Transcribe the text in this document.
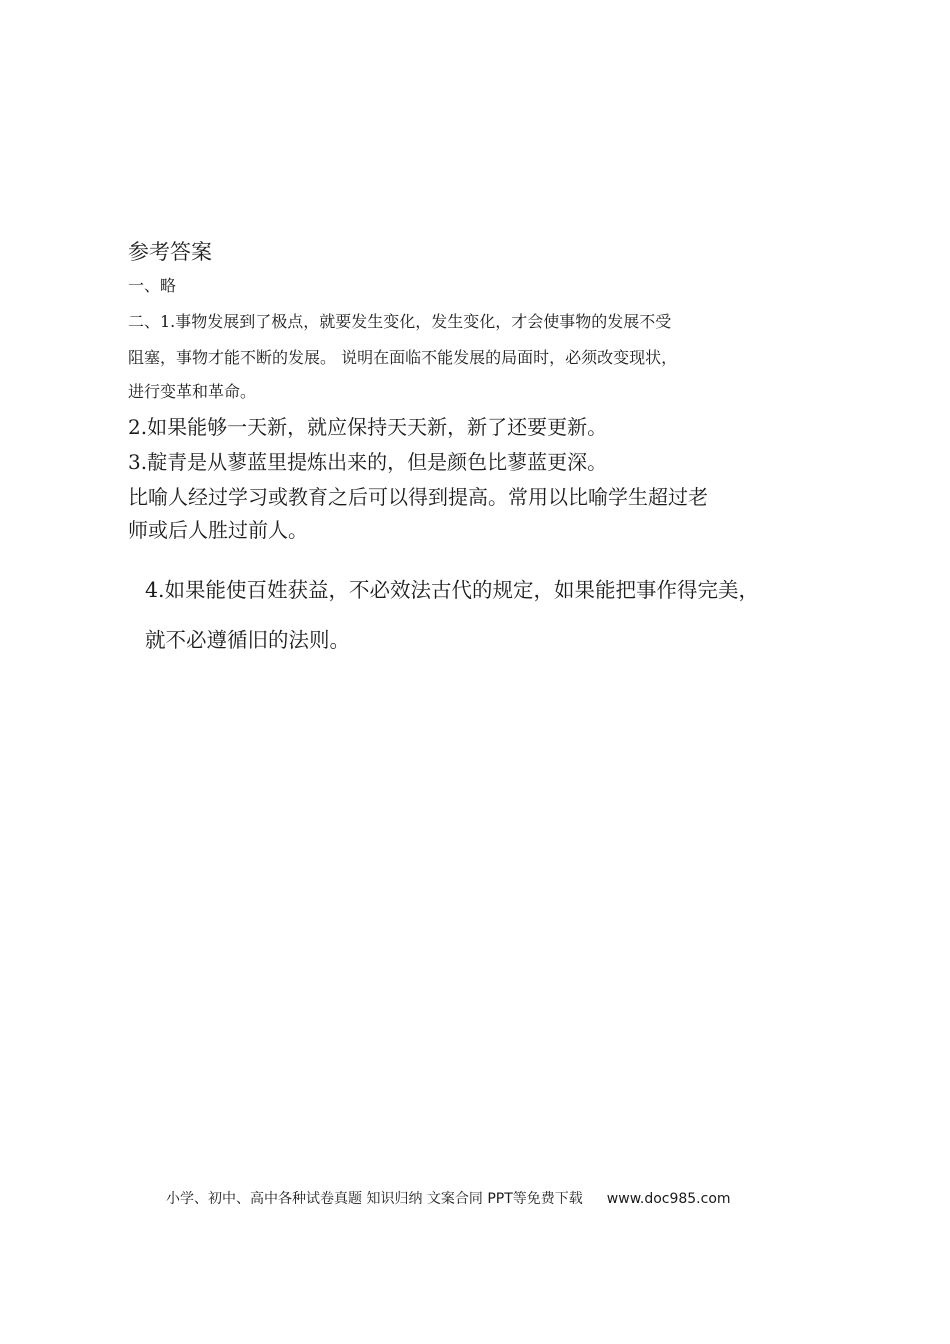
参考答案
一、略
二、1.事物发展到了极点，就要发生变化，发生变化，才会使事物的发展不受
阻塞，事物才能不断的发展。 说明在面临不能发展的局面时，必须改变现状，
进行变革和革命。
2.如果能够一天新，就应保持天天新，新了还要更新。
3.靛青是从蓼蓝里提炼出来的，但是颜色比蓼蓝更深。
比喻人经过学习或教育之后可以得到提高。常用以比喻学生超过老
师或后人胜过前人。
4.如果能使百姓获益，不必效法古代的规定，如果能把事作得完美，
就不必遵循旧的法则。
小学、初中、高中各种试卷真题 知识归纳 文案合同 PPT等免费下载 www.doc985.com
